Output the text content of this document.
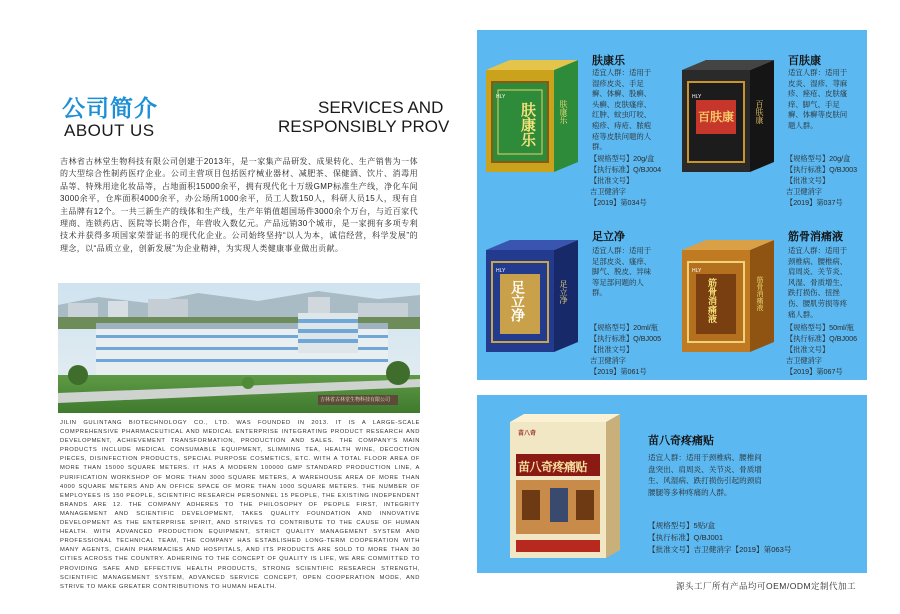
公司简介
ABOUT US
SERVICES AND
RESPONSIBLY PROV
吉林省古林堂生物科技有限公司创建于2013年，是一家集产品研发、成果转化、生产销售为一体的大型综合性制药医疗企业。公司主营项目包括医疗械业器材、减肥茶、保健酒、饮片、消毒用品等、特殊用途化妆品等，占地面积15000余平，拥有现代化十万级GMP标准生产线，净化车间3000余平，仓库面积4000余平，办公场所1000余平，员工人数150人，科研人员15人，现有自主品牌有12个。一共三新生产的线体和生产线，生产年销值超国场件3000余个万台，与近百家代理商、连锁药店、医院等长期合作，年营收入数亿元。产品远销30个城市，是一家拥有多项专利技术并获得多项国家荣誉证书的现代化企业。公司始终坚持“以人为本，诚信经营，科学发展”的理念，以“品质立业，创新发展”为企业精神，为实现人类健康事业做出贡献。
吉林省古林堂生物科技有限公司
JILIN GULINTANG BIOTECHNOLOGY CO., LTD. WAS FOUNDED IN 2013. IT IS A LARGE-SCALE COMPREHENSIVE PHARMACEUTICAL AND MEDICAL ENTERPRISE INTEGRATING PRODUCT RESEARCH AND DEVELOPMENT, ACHIEVEMENT TRANSFORMATION, PRODUCTION AND SALES. THE COMPANY'S MAIN PRODUCTS INCLUDE MEDICAL CONSUMABLE EQUIPMENT, SLIMMING TEA, HEALTH WINE, DECOCTION PIECES, DISINFECTION PRODUCTS, SPECIAL PURPOSE COSMETICS, ETC. WITH A TOTAL FLOOR AREA OF MORE THAN 15000 SQUARE METERS. IT HAS A MODERN 100000 GMP STANDARD PRODUCTION LINE, A PURIFICATION WORKSHOP OF MORE THAN 3000 SQUARE METERS, A WAREHOUSE AREA OF MORE THAN 4000 SQUARE METERS AND AN OFFICE SPACE OF MORE THAN 1000 SQUARE METERS. THE NUMBER OF EMPLOYEES IS 150 PEOPLE, SCIENTIFIC RESEARCH PERSONNEL 15 PEOPLE, THE EXISTING INDEPENDENT BRANDS ARE 12. THE COMPANY ADHERES TO THE PHILOSOPHY OF PEOPLE FIRST, INTEGRITY MANAGEMENT AND SCIENTIFIC DEVELOPMENT, TAKES QUALITY FOUNDATION AND INNOVATIVE DEVELOPMENT AS THE ENTERPRISE SPIRIT, AND STRIVES TO CONTRIBUTE TO THE CAUSE OF HUMAN HEALTH. WITH ADVANCED PRODUCTION EQUIPMENT, STRICT QUALITY MANAGEMENT SYSTEM AND PROFESSIONAL TECHNICAL TEAM, THE COMPANY HAS ESTABLISHED LONG-TERM COOPERATION WITH MANY AGENTS, CHAIN PHARMACIES AND HOSPITALS, AND ITS PRODUCTS ARE SOLD TO MORE THAN 30 CITIES ACROSS THE COUNTRY. ADHERING TO THE CONCEPT OF QUALITY IS LIFE, WE ARE COMMITTED TO PROVIDING SAFE AND EFFECTIVE HEALTH PRODUCTS, STRONG SCIENTIFIC RESEARCH STRENGTH, SCIENTIFIC MANAGEMENT SYSTEM, ADVANCED SERVICE CONCEPT, OPEN COOPERATION MODE, AND STRIVE TO MAKE GREATER CONTRIBUTIONS TO HUMAN HEALTH.
HLY
肤康乐	肤康乐
肤康乐
适宜人群：适用于湿疹皮炎、手足癣、体癣、股癣、头癣、皮肤瘙痒、红肿、蚊虫叮咬、疱疹、痔疮、脓疱疮等皮肤问题的人群。
【规格型号】20g/盒
【执行标准】Q/BJ004
【批准文号】
吉卫健消字
【2019】第034号
HLY
百肤康	百肤康
百肤康
适宜人群：适用于皮炎、湿疹、荨麻疹、痤疮、皮肤瘙痒、脚气、手足癣、体癣等皮肤问题人群。
【规格型号】20g/盒
【执行标准】Q/BJ003
【批准文号】
吉卫健消字
【2019】第037号
HLY
足立净	足立净
足立净
适宜人群：适用于足部皮炎、瘙痒、脚气、脱皮、异味等足部问题的人群。
【规格型号】20ml/瓶
【执行标准】Q/BJ005
【批准文号】
吉卫健消字
【2019】第061号
HLY
筋骨消痛液	筋骨消痛液
筋骨消痛液
适宜人群：适用于颈椎病、腰椎病、肩周炎、关节炎、风湿、骨质增生、跌打损伤、扭挫伤、腰肌劳损等疼痛人群。
【规格型号】50ml/瓶
【执行标准】Q/BJ006
【批准文号】
吉卫健消字
【2019】第067号
苗八奇
苗八奇疼痛贴
苗八奇疼痛贴
适宜人群：适用于颈椎病、腰椎间盘突出、肩周炎、关节炎、骨质增生、风湿病、跌打损伤引起的颈肩腰腿等多种疼痛的人群。
【规格型号】5贴/盒
【执行标准】Q/BJ001
【批准文号】吉卫健消字【2019】第063号
源头工厂所有产品均可OEM/ODM定制代加工
